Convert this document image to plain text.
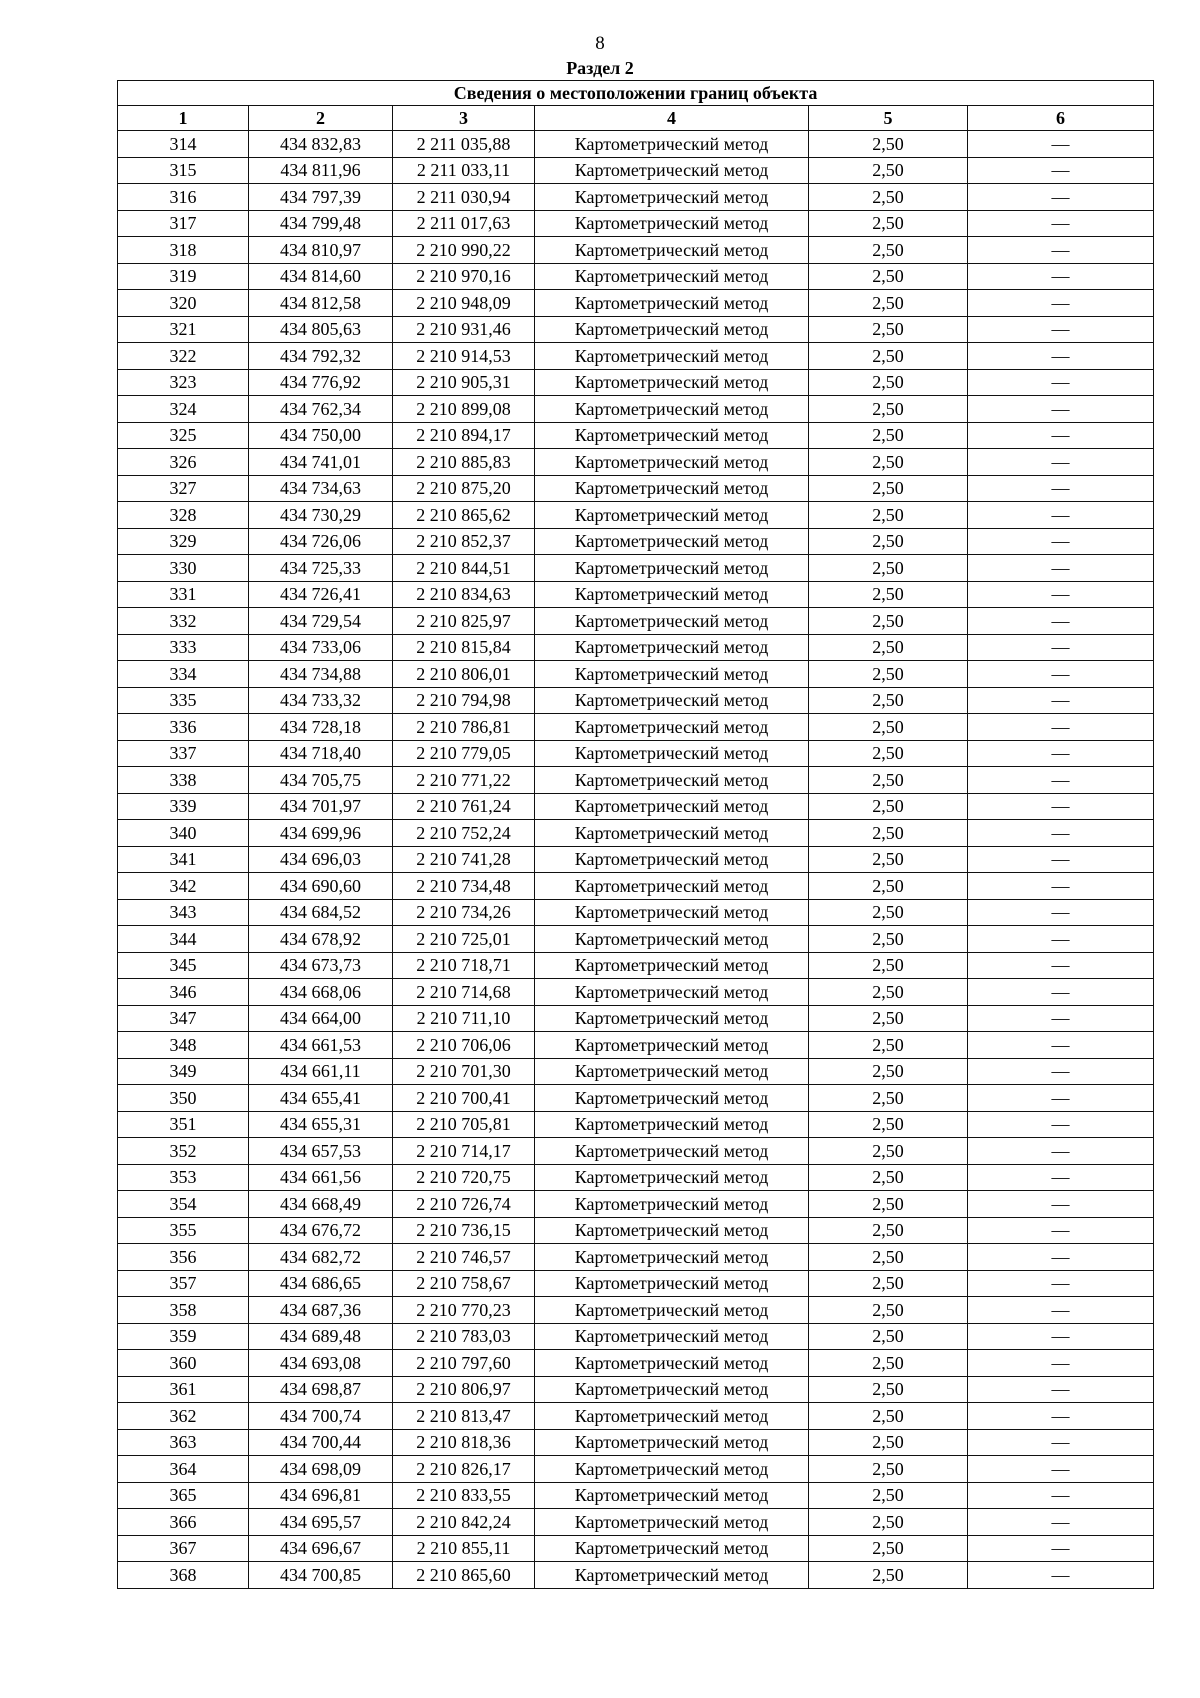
8
Раздел 2
Сведения о местоположении границ объекта					
1	2	3	4	5	6
314	434 832,83	2 211 035,88	Картометрический метод	2,50	—
315	434 811,96	2 211 033,11	Картометрический метод	2,50	—
316	434 797,39	2 211 030,94	Картометрический метод	2,50	—
317	434 799,48	2 211 017,63	Картометрический метод	2,50	—
318	434 810,97	2 210 990,22	Картометрический метод	2,50	—
319	434 814,60	2 210 970,16	Картометрический метод	2,50	—
320	434 812,58	2 210 948,09	Картометрический метод	2,50	—
321	434 805,63	2 210 931,46	Картометрический метод	2,50	—
322	434 792,32	2 210 914,53	Картометрический метод	2,50	—
323	434 776,92	2 210 905,31	Картометрический метод	2,50	—
324	434 762,34	2 210 899,08	Картометрический метод	2,50	—
325	434 750,00	2 210 894,17	Картометрический метод	2,50	—
326	434 741,01	2 210 885,83	Картометрический метод	2,50	—
327	434 734,63	2 210 875,20	Картометрический метод	2,50	—
328	434 730,29	2 210 865,62	Картометрический метод	2,50	—
329	434 726,06	2 210 852,37	Картометрический метод	2,50	—
330	434 725,33	2 210 844,51	Картометрический метод	2,50	—
331	434 726,41	2 210 834,63	Картометрический метод	2,50	—
332	434 729,54	2 210 825,97	Картометрический метод	2,50	—
333	434 733,06	2 210 815,84	Картометрический метод	2,50	—
334	434 734,88	2 210 806,01	Картометрический метод	2,50	—
335	434 733,32	2 210 794,98	Картометрический метод	2,50	—
336	434 728,18	2 210 786,81	Картометрический метод	2,50	—
337	434 718,40	2 210 779,05	Картометрический метод	2,50	—
338	434 705,75	2 210 771,22	Картометрический метод	2,50	—
339	434 701,97	2 210 761,24	Картометрический метод	2,50	—
340	434 699,96	2 210 752,24	Картометрический метод	2,50	—
341	434 696,03	2 210 741,28	Картометрический метод	2,50	—
342	434 690,60	2 210 734,48	Картометрический метод	2,50	—
343	434 684,52	2 210 734,26	Картометрический метод	2,50	—
344	434 678,92	2 210 725,01	Картометрический метод	2,50	—
345	434 673,73	2 210 718,71	Картометрический метод	2,50	—
346	434 668,06	2 210 714,68	Картометрический метод	2,50	—
347	434 664,00	2 210 711,10	Картометрический метод	2,50	—
348	434 661,53	2 210 706,06	Картометрический метод	2,50	—
349	434 661,11	2 210 701,30	Картометрический метод	2,50	—
350	434 655,41	2 210 700,41	Картометрический метод	2,50	—
351	434 655,31	2 210 705,81	Картометрический метод	2,50	—
352	434 657,53	2 210 714,17	Картометрический метод	2,50	—
353	434 661,56	2 210 720,75	Картометрический метод	2,50	—
354	434 668,49	2 210 726,74	Картометрический метод	2,50	—
355	434 676,72	2 210 736,15	Картометрический метод	2,50	—
356	434 682,72	2 210 746,57	Картометрический метод	2,50	—
357	434 686,65	2 210 758,67	Картометрический метод	2,50	—
358	434 687,36	2 210 770,23	Картометрический метод	2,50	—
359	434 689,48	2 210 783,03	Картометрический метод	2,50	—
360	434 693,08	2 210 797,60	Картометрический метод	2,50	—
361	434 698,87	2 210 806,97	Картометрический метод	2,50	—
362	434 700,74	2 210 813,47	Картометрический метод	2,50	—
363	434 700,44	2 210 818,36	Картометрический метод	2,50	—
364	434 698,09	2 210 826,17	Картометрический метод	2,50	—
365	434 696,81	2 210 833,55	Картометрический метод	2,50	—
366	434 695,57	2 210 842,24	Картометрический метод	2,50	—
367	434 696,67	2 210 855,11	Картометрический метод	2,50	—
368	434 700,85	2 210 865,60	Картометрический метод	2,50	—
